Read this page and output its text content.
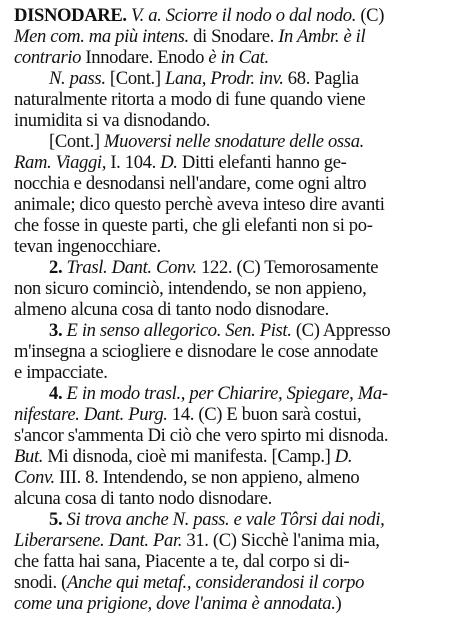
DISNODARE. V. a. Sciorre il nodo o dal nodo. (C)
Men com. ma più intens. di Snodare. In Ambr. è il
contrario Innodare. Enodo è in Cat.
N. pass. [Cont.] Lana, Prodr. inv. 68. Paglia
naturalmente ritorta a modo di fune quando viene
inumidita si va disnodando.
[Cont.] Muoversi nelle snodature delle ossa.
Ram. Viaggi, I. 104. D. Ditti elefanti hanno ge-
nocchia e desnodansi nell'andare, come ogni altro
animale; dico questo perchè aveva inteso dire avanti
che fosse in queste parti, che gli elefanti non si po-
tevan ingenocchiare.
2. Trasl. Dant. Conv. 122. (C) Temorosamente
non sicuro cominciò, intendendo, se non appieno,
almeno alcuna cosa di tanto nodo disnodare.
3. E in senso allegorico. Sen. Pist. (C) Appresso
m'insegna a sciogliere e disnodare le cose annodate
e impacciate.
4. E in modo trasl., per Chiarire, Spiegare, Ma-
nifestare. Dant. Purg. 14. (C) E buon sarà costui,
s'ancor s'ammenta Di ciò che vero spirto mi disnoda.
But. Mi disnoda, cioè mi manifesta. [Camp.] D.
Conv. III. 8. Intendendo, se non appieno, almeno
alcuna cosa di tanto nodo disnodare.
5. Si trova anche N. pass. e vale Tôrsi dai nodi,
Liberarsene. Dant. Par. 31. (C) Sicchè l'anima mia,
che fatta hai sana, Piacente a te, dal corpo si di-
snodi. (Anche qui metaf., considerandosi il corpo
come una prigione, dove l'anima è annodata.)
